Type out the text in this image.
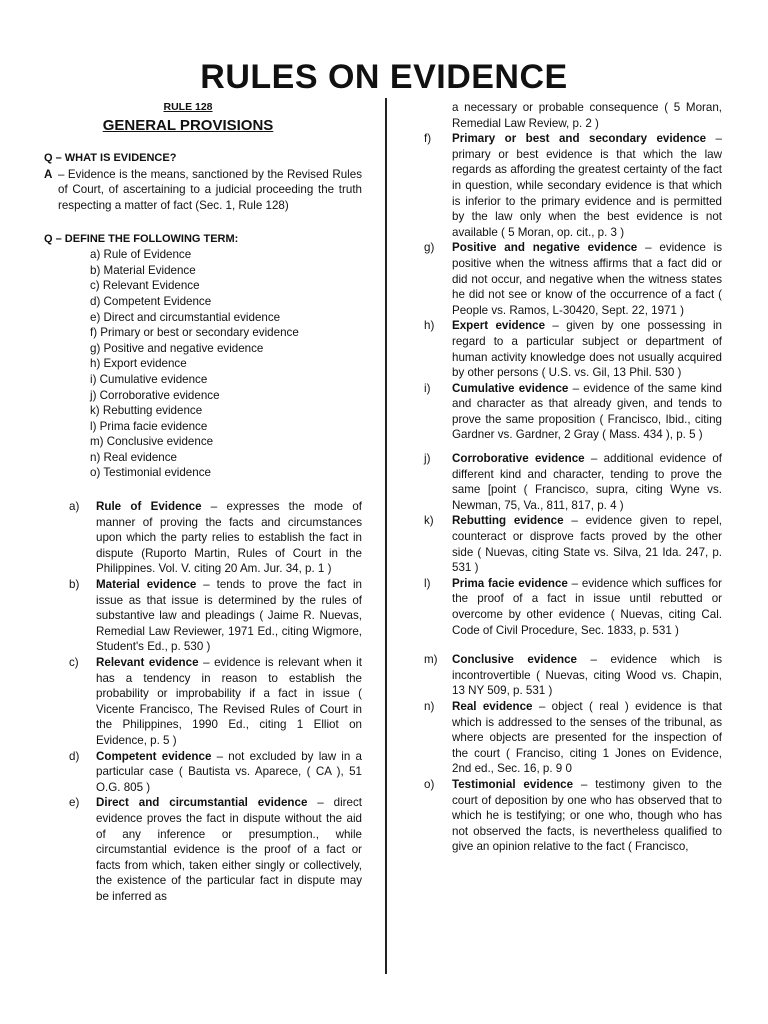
RULES ON EVIDENCE
RULE 128
GENERAL PROVISIONS
Q – WHAT IS EVIDENCE?
A – Evidence is the means, sanctioned by the Revised Rules of Court, of ascertaining to a judicial proceeding the truth respecting a matter of fact (Sec. 1, Rule 128)
Q – DEFINE THE FOLLOWING TERM:
a) Rule of Evidence
b) Material Evidence
c) Relevant Evidence
d) Competent Evidence
e) Direct and circumstantial evidence
f) Primary or best or secondary evidence
g) Positive and negative evidence
h) Export evidence
i) Cumulative evidence
j) Corroborative evidence
k) Rebutting evidence
l) Prima facie evidence
m) Conclusive evidence
n) Real evidence
o) Testimonial evidence
a)	Rule of Evidence – expresses the mode of manner of proving the facts and circumstances upon which the party relies to establish the fact in dispute (Ruporto Martin, Rules of Court in the Philippines. Vol. V. citing 20 Am. Jur. 34, p. 1 )
b)	Material evidence – tends to prove the fact in issue as that issue is determined by the rules of substantive law and pleadings ( Jaime R. Nuevas, Remedial Law Reviewer, 1971 Ed., citing Wigmore, Student's Ed., p. 530 )
c)	Relevant evidence – evidence is relevant when it has a tendency in reason to establish the probability or improbability if a fact in issue ( Vicente Francisco, The Revised Rules of Court in the Philippines, 1990 Ed., citing 1 Elliot on Evidence, p. 5 )
d)	Competent evidence – not excluded by law in a particular case ( Bautista vs. Aparece, ( CA ), 51 O.G. 805 )
e)	Direct and circumstantial evidence – direct evidence proves the fact in dispute without the aid of any inference or presumption., while circumstantial evidence is the proof of a fact or facts from which, taken either singly or collectively, the existence of the particular fact in dispute may be inferred as
a necessary or probable consequence ( 5 Moran, Remedial Law Review, p. 2 )
f)	Primary or best and secondary evidence – primary or best evidence is that which the law regards as affording the greatest certainty of the fact in question, while secondary evidence is that which is inferior to the primary evidence and is permitted by the law only when the best evidence is not available ( 5 Moran, op. cit., p. 3 )
g)	Positive and negative evidence – evidence is positive when the witness affirms that a fact did or did not occur, and negative when the witness states he did not see or know of the occurrence of a fact ( People vs. Ramos, L-30420, Sept. 22, 1971 )
h)	Expert evidence – given by one possessing in regard to a particular subject or department of human activity knowledge does not usually acquired by other persons ( U.S. vs. Gil, 13 Phil. 530 )
i)	Cumulative evidence – evidence of the same kind and character as that already given, and tends to prove the same proposition ( Francisco, Ibid., citing Gardner vs. Gardner, 2 Gray ( Mass. 434 ), p. 5 )
j)	Corroborative evidence – additional evidence of different kind and character, tending to prove the same [point ( Francisco, supra, citing Wyne vs. Newman, 75, Va., 811, 817, p. 4 )
k)	Rebutting evidence – evidence given to repel, counteract or disprove facts proved by the other side ( Nuevas, citing State vs. Silva, 21 Ida. 247, p. 531 )
l)	Prima facie evidence – evidence which suffices for the proof of a fact in issue until rebutted or overcome by other evidence ( Nuevas, citing Cal. Code of Civil Procedure, Sec. 1833, p. 531 )
m)	Conclusive evidence – evidence which is incontrovertible ( Nuevas, citing Wood vs. Chapin, 13 NY 509, p. 531 )
n)	Real evidence – object ( real ) evidence is that which is addressed to the senses of the tribunal, as where objects are presented for the inspection of the court ( Franciso, citing 1 Jones on Evidence, 2nd ed., Sec. 16, p. 9 0
o)	Testimonial evidence – testimony given to the court of deposition by one who has observed that to which he is testifying; or one who, though who has not observed the facts, is nevertheless qualified to give an opinion relative to the fact ( Francisco,
